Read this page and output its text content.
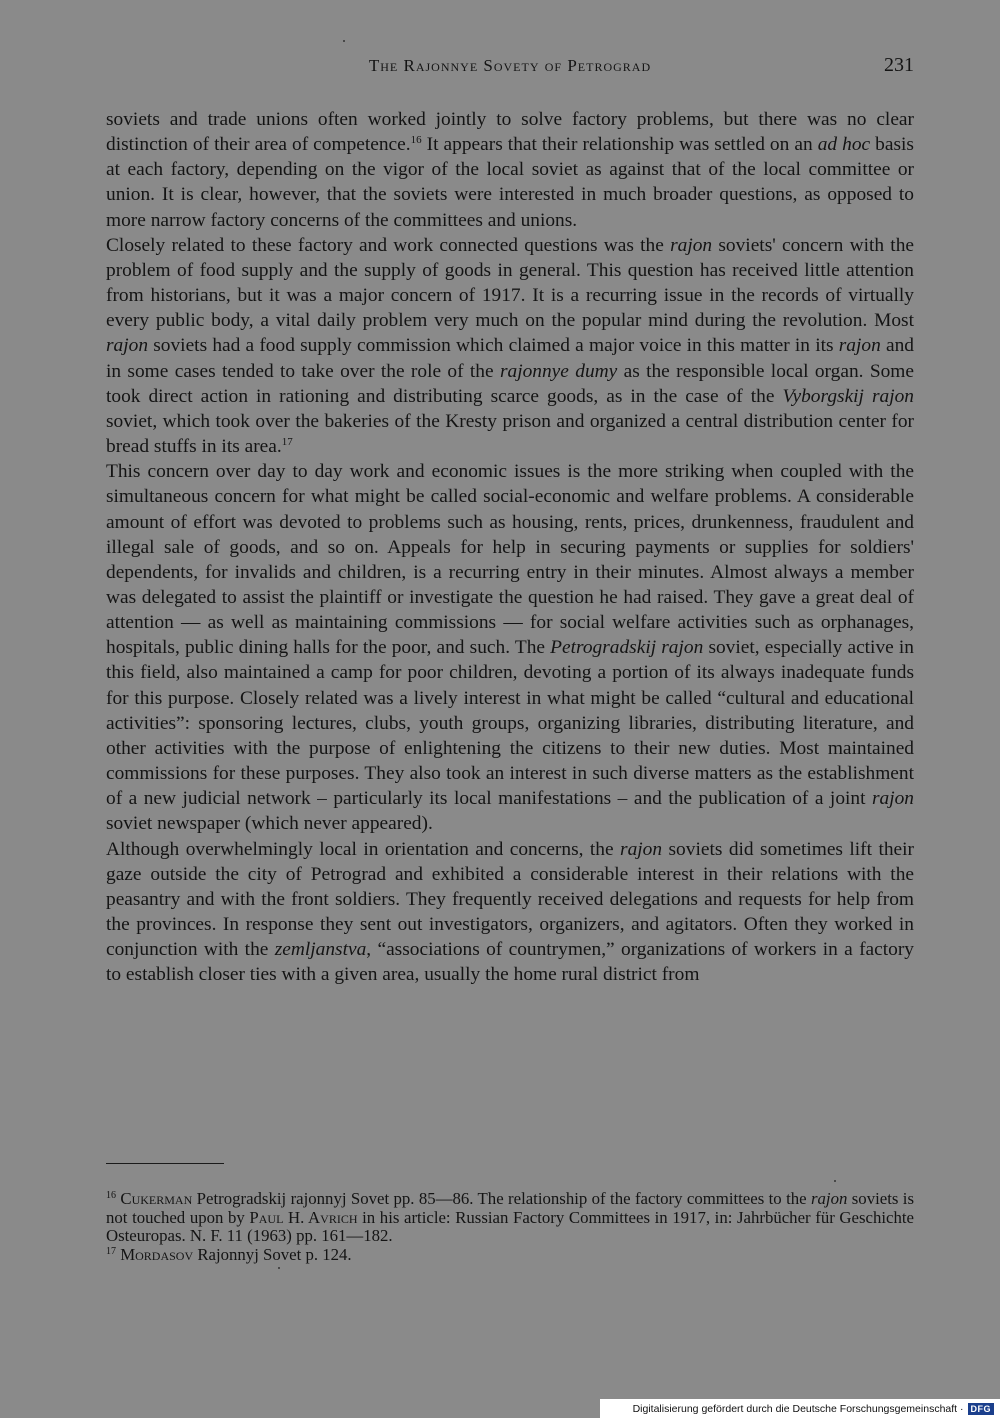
The Rajonnye Sovety of Petrograd	231

soviets and trade unions often worked jointly to solve factory problems, but there was no clear distinction of their area of competence.$^{16}$ It appears that their relationship was settled on an ad hoc basis at each factory, depending on the vigor of the local soviet as against that of the local committee or union. It is clear, however, that the soviets were interested in much broader questions, as opposed to more narrow factory concerns of the committees and unions.

Closely related to these factory and work connected questions was the rajon soviets' concern with the problem of food supply and the supply of goods in general. This question has received little attention from historians, but it was a major concern of 1917. It is a recurring issue in the records of virtually every public body, a vital daily problem very much on the popular mind during the revolution. Most rajon soviets had a food supply commission which claimed a major voice in this matter in its rajon and in some cases tended to take over the role of the rajonnye dumy as the responsible local organ. Some took direct action in rationing and distributing scarce goods, as in the case of the Vyborgskij rajon soviet, which took over the bakeries of the Kresty prison and organized a central distribution center for bread stuffs in its area.$^{17}$

This concern over day to day work and economic issues is the more striking when coupled with the simultaneous concern for what might be called social-economic and welfare problems. A considerable amount of effort was devoted to problems such as housing, rents, prices, drunkenness, fraudulent and illegal sale of goods, and so on. Appeals for help in securing payments or supplies for soldiers' dependents, for invalids and children, is a recurring entry in their minutes. Almost always a member was delegated to assist the plaintiff or investigate the question he had raised. They gave a great deal of attention — as well as maintaining commissions — for social welfare activities such as orphanages, hospitals, public dining halls for the poor, and such. The Petrogradskij rajon soviet, especially active in this field, also maintained a camp for poor children, devoting a portion of its always inadequate funds for this purpose. Closely related was a lively interest in what might be called “cultural and educational activities”: sponsoring lectures, clubs, youth groups, organizing libraries, distributing literature, and other activities with the purpose of enlightening the citizens to their new duties. Most maintained commissions for these purposes. They also took an interest in such diverse matters as the establishment of a new judicial network – particularly its local manifestations – and the publication of a joint rajon soviet newspaper (which never appeared).

Although overwhelmingly local in orientation and concerns, the rajon soviets did sometimes lift their gaze outside the city of Petrograd and exhibited a considerable interest in their relations with the peasantry and with the front soldiers. They frequently received delegations and requests for help from the provinces. In response they sent out investigators, organizers, and agitators. Often they worked in conjunction with the zemljanstva, “associations of countrymen,” organizations of workers in a factory to establish closer ties with a given area, usually the home rural district from

$^{16}$ Cukerman Petrogradskij rajonnyj Sovet pp. 85—86. The relationship of the factory committees to the rajon soviets is not touched upon by Paul H. Avrich in his article: Russian Factory Committees in 1917, in: Jahrbücher für Geschichte Osteuropas. N. F. 11 (1963) pp. 161—182.

$^{17}$ Mordasov Rajonnyj Sovet p. 124.

Digitalisierung gefördert durch die Deutsche Forschungsgemeinschaft · DFG
